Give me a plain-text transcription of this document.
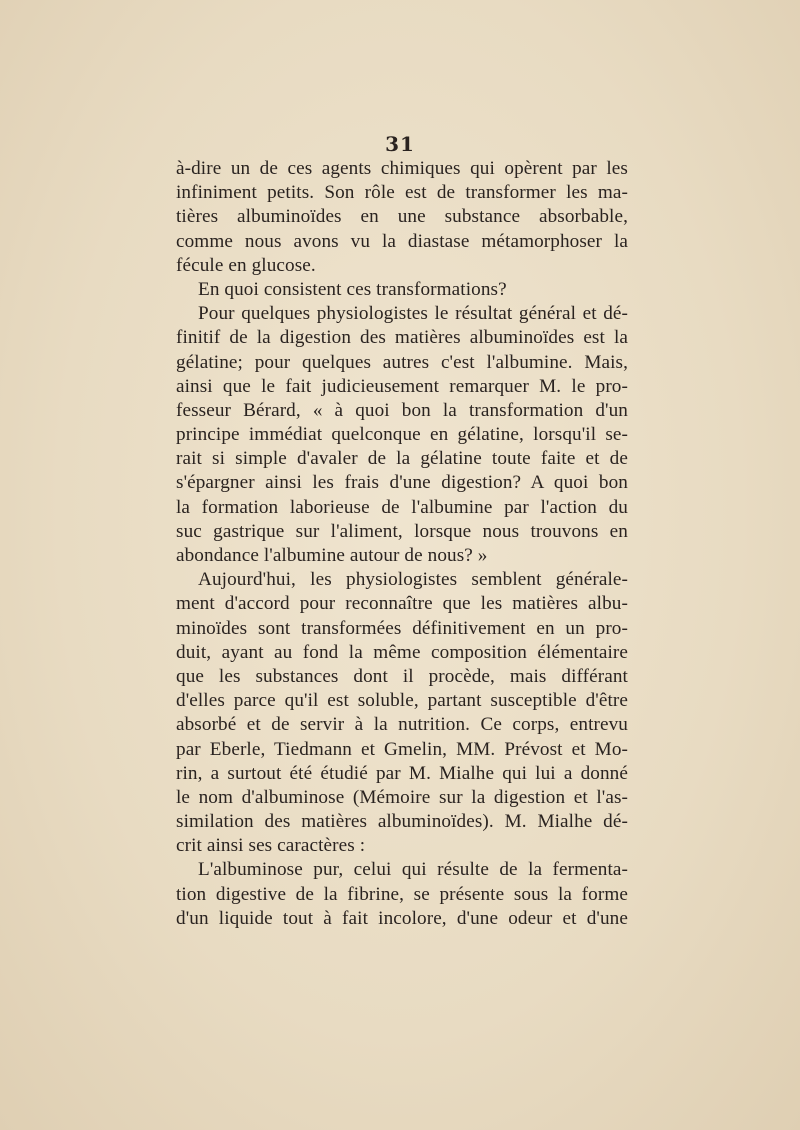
31
à-dire un de ces agents chimiques qui opèrent par les
infiniment petits. Son rôle est de transformer les ma-
tières albuminoïdes en une substance absorbable,
comme nous avons vu la diastase métamorphoser la
fécule en glucose.
En quoi consistent ces transformations?
Pour quelques physiologistes le résultat général et dé-
finitif de la digestion des matières albuminoïdes est la
gélatine; pour quelques autres c'est l'albumine. Mais,
ainsi que le fait judicieusement remarquer M. le pro-
fesseur Bérard, « à quoi bon la transformation d'un
principe immédiat quelconque en gélatine, lorsqu'il se-
rait si simple d'avaler de la gélatine toute faite et de
s'épargner ainsi les frais d'une digestion? A quoi bon
la formation laborieuse de l'albumine par l'action du
suc gastrique sur l'aliment, lorsque nous trouvons en
abondance l'albumine autour de nous? »
Aujourd'hui, les physiologistes semblent générale-
ment d'accord pour reconnaître que les matières albu-
minoïdes sont transformées définitivement en un pro-
duit, ayant au fond la même composition élémentaire
que les substances dont il procède, mais différant
d'elles parce qu'il est soluble, partant susceptible d'être
absorbé et de servir à la nutrition. Ce corps, entrevu
par Eberle, Tiedmann et Gmelin, MM. Prévost et Mo-
rin, a surtout été étudié par M. Mialhe qui lui a donné
le nom d'albuminose (Mémoire sur la digestion et l'as-
similation des matières albuminoïdes). M. Mialhe dé-
crit ainsi ses caractères :
L'albuminose pur, celui qui résulte de la fermenta-
tion digestive de la fibrine, se présente sous la forme
d'un liquide tout à fait incolore, d'une odeur et d'une
